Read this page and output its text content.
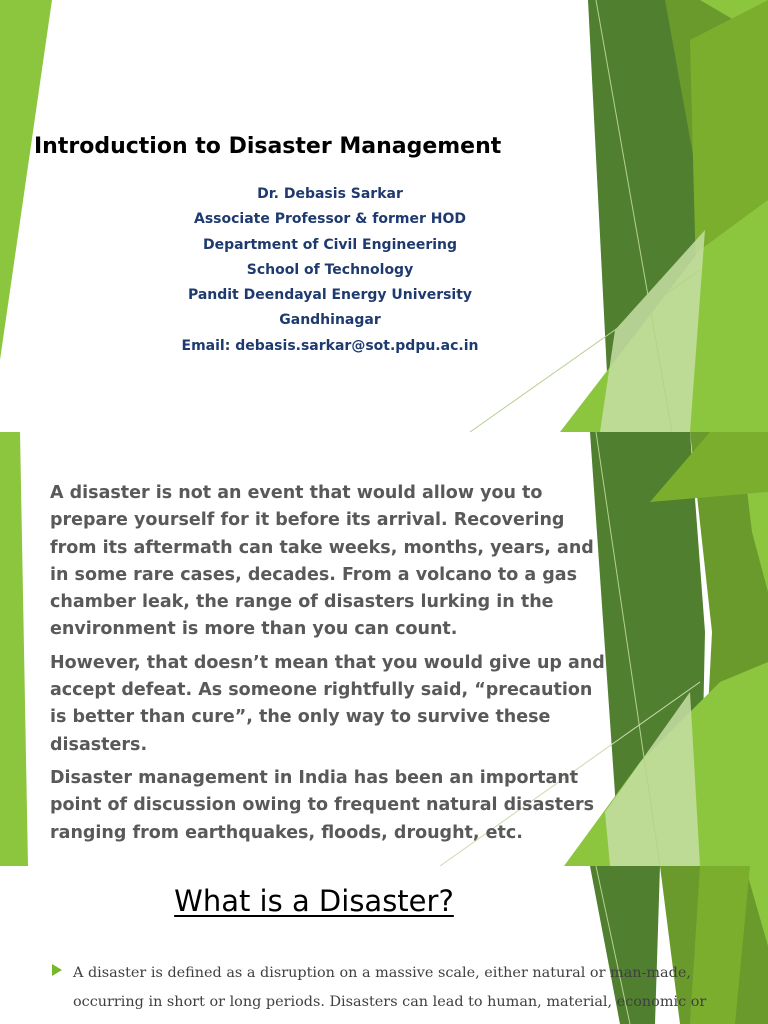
Introduction to Disaster Management
Dr. Debasis Sarkar
Associate Professor & former HOD
Department of Civil Engineering
School of Technology
Pandit Deendayal Energy University
Gandhinagar
Email: debasis.sarkar@sot.pdpu.ac.in

A disaster is not an event that would allow you to prepare yourself for it before its arrival. Recovering from its aftermath can take weeks, months, years, and in some rare cases, decades. From a volcano to a gas chamber leak, the range of disasters lurking in the environment is more than you can count.

However, that doesn’t mean that you would give up and accept defeat. As someone rightfully said, “precaution is better than cure”, the only way to survive these disasters.

Disaster management in India has been an important point of discussion owing to frequent natural disasters ranging from earthquakes, floods, drought, etc.

What is a Disaster?
A disaster is defined as a disruption on a massive scale, either natural or man-made, occurring in short or long periods. Disasters can lead to human, material, economic or
